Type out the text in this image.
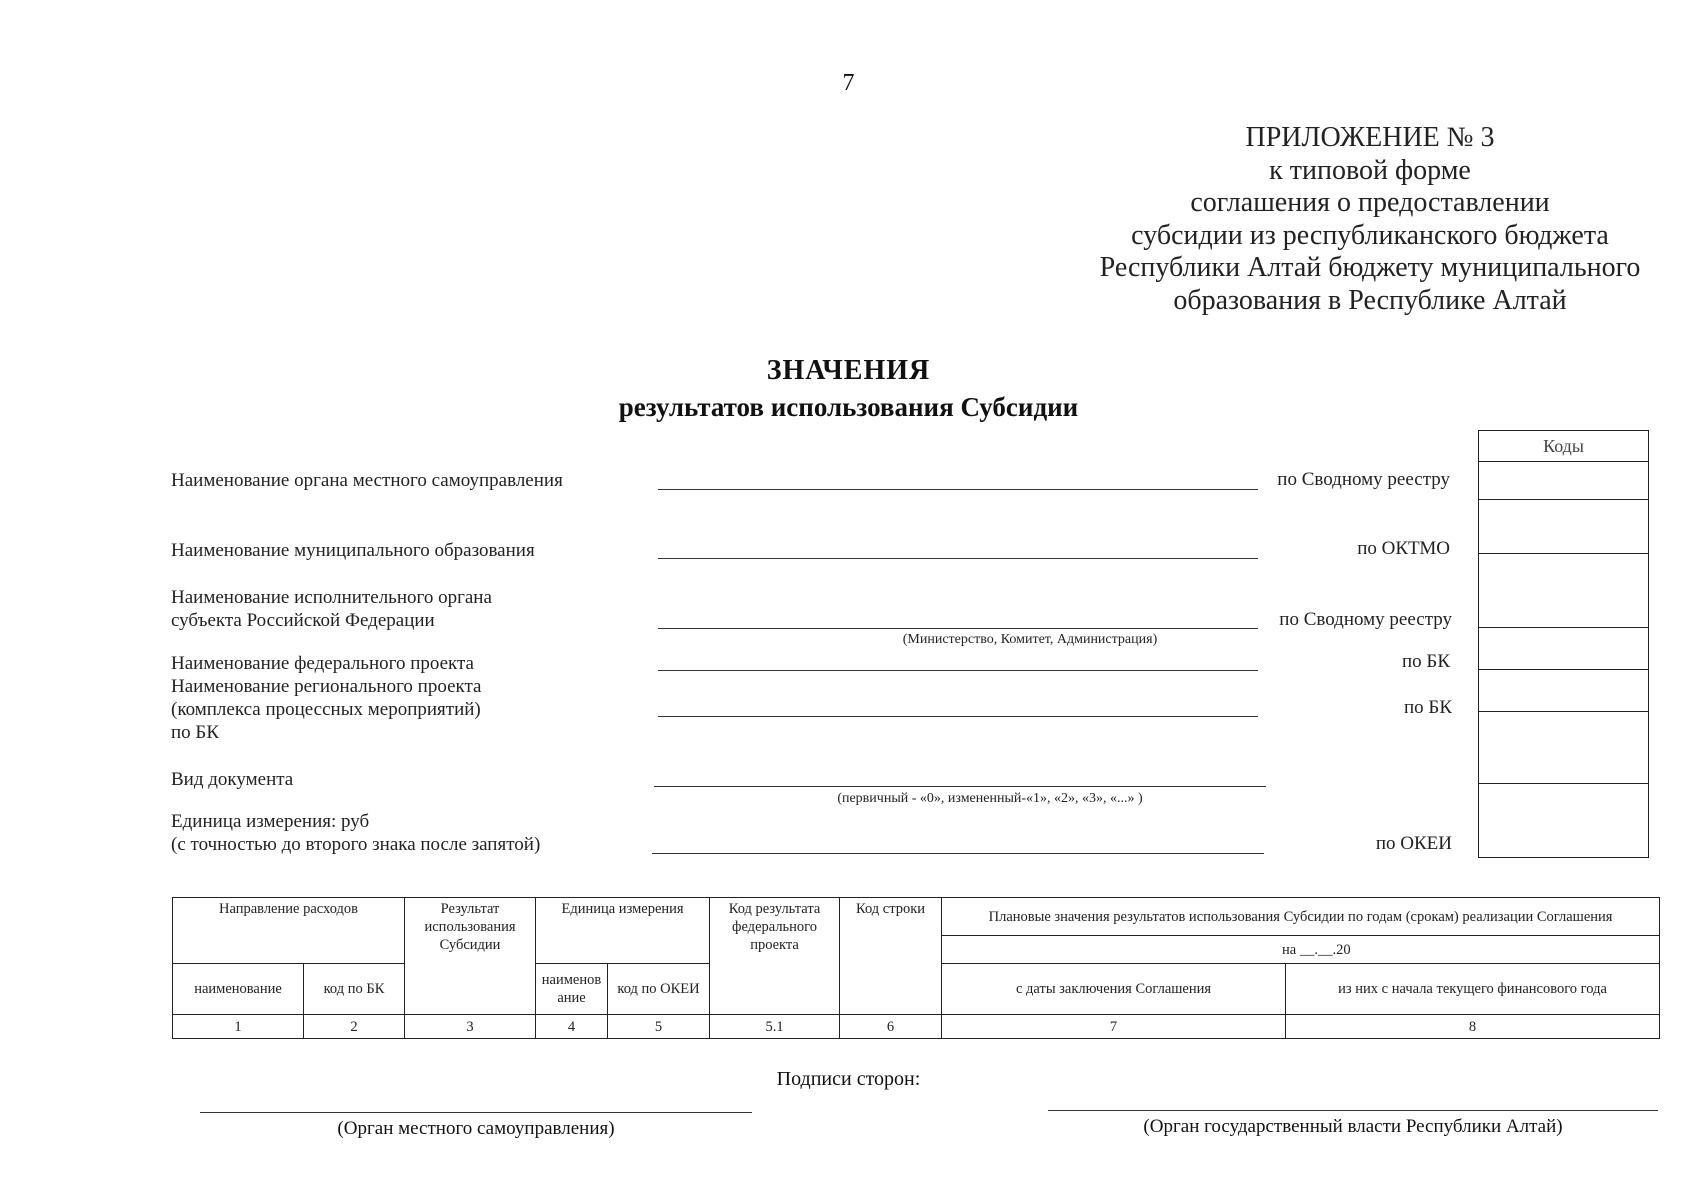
7
ПРИЛОЖЕНИЕ № 3
к типовой форме
соглашения о предоставлении
субсидии из республиканского бюджета
Республики Алтай бюджету муниципального
образования в Республике Алтай
ЗНАЧЕНИЯ
результатов использования Субсидии
Коды
Наименование органа местного самоуправления	по Сводному реестру
Наименование муниципального образования	по ОКТМО
Наименование исполнительного органа
субъекта Российской Федерации	по Сводному реестру
(Министерство, Комитет, Администрация)
Наименование федерального проекта	по БК
Наименование регионального проекта
(комплекса процессных мероприятий)
по БК
по БК
Вид документа
(первичный - «0», измененный-«1», «2», «3», «...» )
Единица измерения: руб
(с точностью до второго знака после запятой)	по ОКЕИ
Направление расходов		Результат использования Субсидии	Единица измерения		Код результата федерального проекта	Код строки	Плановые значения результатов использования Субсидии по годам (срокам) реализации Соглашения	
							на __.__.20	
наименование	код по БК		наименов ание	код по ОКЕИ			с даты заключения Соглашения	из них с начала текущего финансового года
1	2	3	4	5	5.1	6	7	8
Подписи сторон:
(Орган местного самоуправления)	(Орган государственный власти Республики Алтай)
